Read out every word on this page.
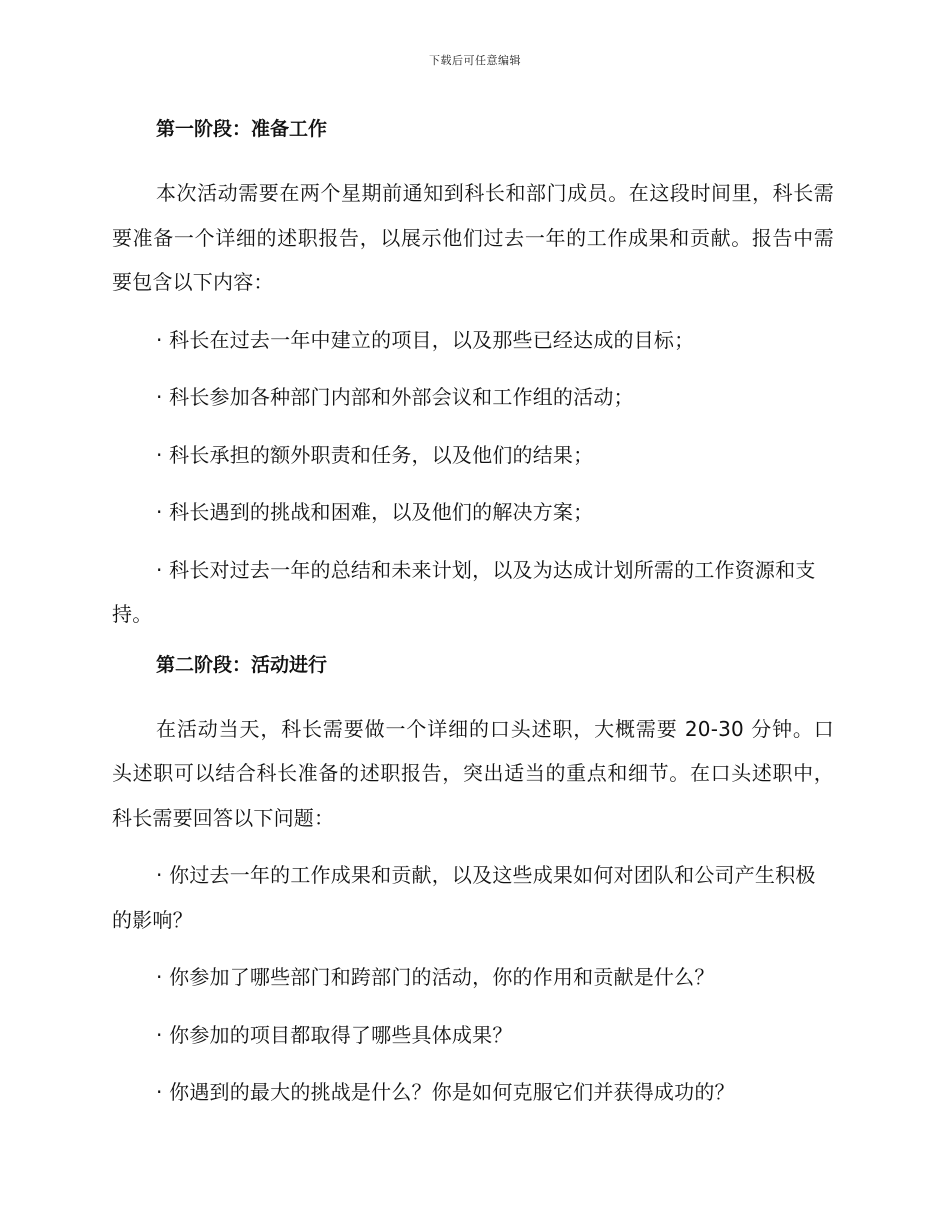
下载后可任意编辑
第一阶段：准备工作

本次活动需要在两个星期前通知到科长和部门成员。在这段时间里，科长需要准备一个详细的述职报告，以展示他们过去一年的工作成果和贡献。报告中需要包含以下内容：

· 科长在过去一年中建立的项目，以及那些已经达成的目标；

· 科长参加各种部门内部和外部会议和工作组的活动；

· 科长承担的额外职责和任务，以及他们的结果；

· 科长遇到的挑战和困难，以及他们的解决方案；

· 科长对过去一年的总结和未来计划，以及为达成计划所需的工作资源和支持。

第二阶段：活动进行

在活动当天，科长需要做一个详细的口头述职，大概需要 20-30 分钟。口头述职可以结合科长准备的述职报告，突出适当的重点和细节。在口头述职中，科长需要回答以下问题：

· 你过去一年的工作成果和贡献，以及这些成果如何对团队和公司产生积极的影响？

· 你参加了哪些部门和跨部门的活动，你的作用和贡献是什么？

· 你参加的项目都取得了哪些具体成果？

· 你遇到的最大的挑战是什么？你是如何克服它们并获得成功的？
